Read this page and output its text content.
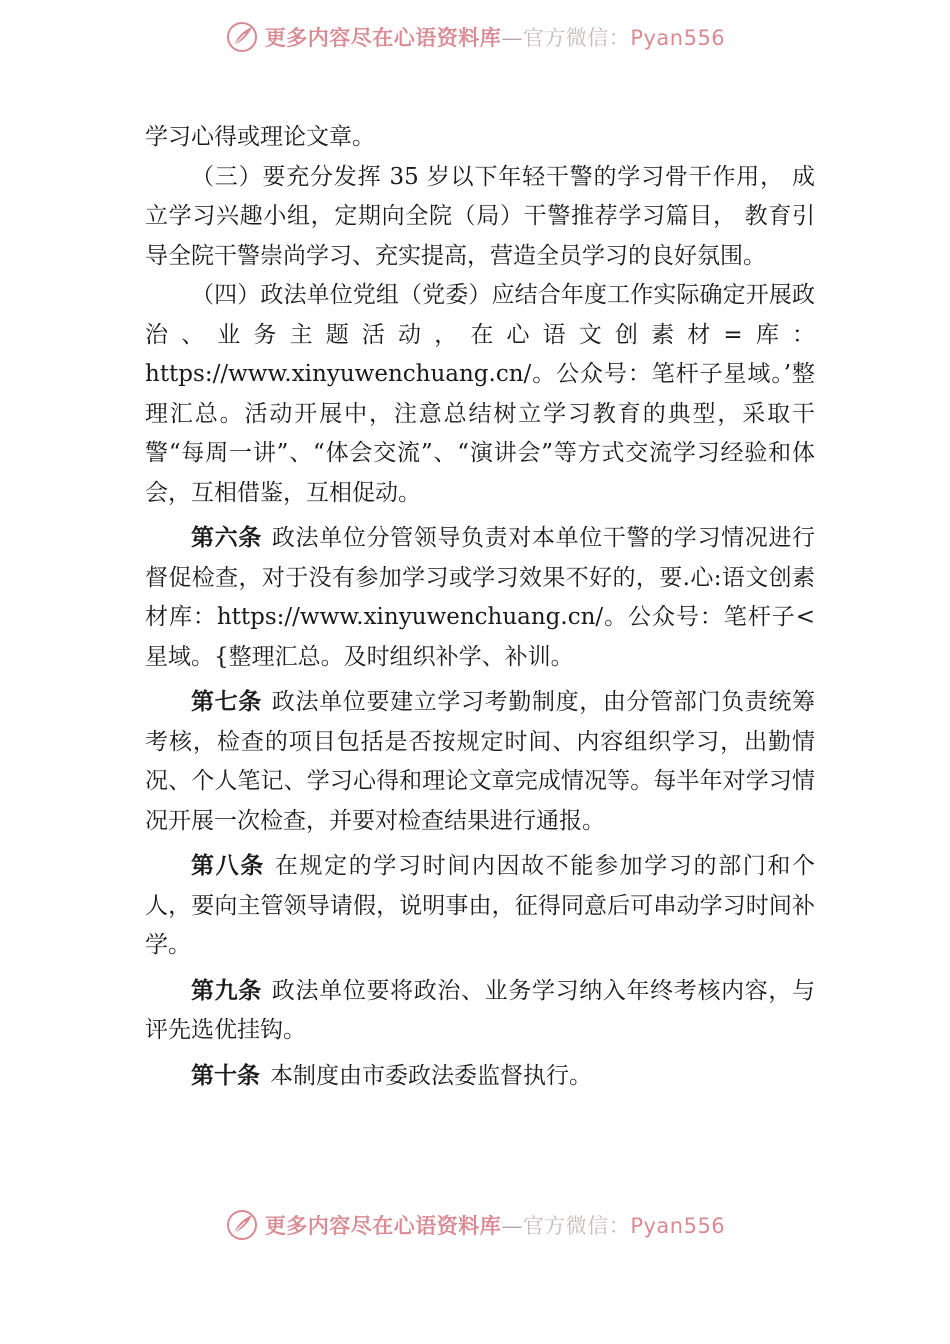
更多内容尽在心语资料库—官方微信：Pyan556

学习心得或理论文章。

（三）要充分发挥 35 岁以下年轻干警的学习骨干作用， 成立学习兴趣小组，定期向全院（局）干警推荐学习篇目， 教育引导全院干警崇尚学习、充实提高，营造全员学习的良好氛围。

（四）政法单位党组（党委）应结合年度工作实际确定开展政治、业务主题活动，在心语文创素材=库：https://www.xinyuwenchuang.cn/。公众号：笔杆子星域。’整理汇总。活动开展中，注意总结树立学习教育的典型，采取干警“每周一讲”、“体会交流”、“演讲会”等方式交流学习经验和体会，互相借鉴，互相促动。

第六条 政法单位分管领导负责对本单位干警的学习情况进行督促检查，对于没有参加学习或学习效果不好的，要.心:语文创素材库：https://www.xinyuwenchuang.cn/。公众号：笔杆子<星域。{整理汇总。及时组织补学、补训。

第七条 政法单位要建立学习考勤制度，由分管部门负责统筹考核，检查的项目包括是否按规定时间、内容组织学习，出勤情况、个人笔记、学习心得和理论文章完成情况等。每半年对学习情况开展一次检查，并要对检查结果进行通报。

第八条 在规定的学习时间内因故不能参加学习的部门和个人，要向主管领导请假，说明事由，征得同意后可串动学习时间补学。

第九条 政法单位要将政治、业务学习纳入年终考核内容，与评先选优挂钩。

第十条 本制度由市委政法委监督执行。

更多内容尽在心语资料库—官方微信：Pyan556
